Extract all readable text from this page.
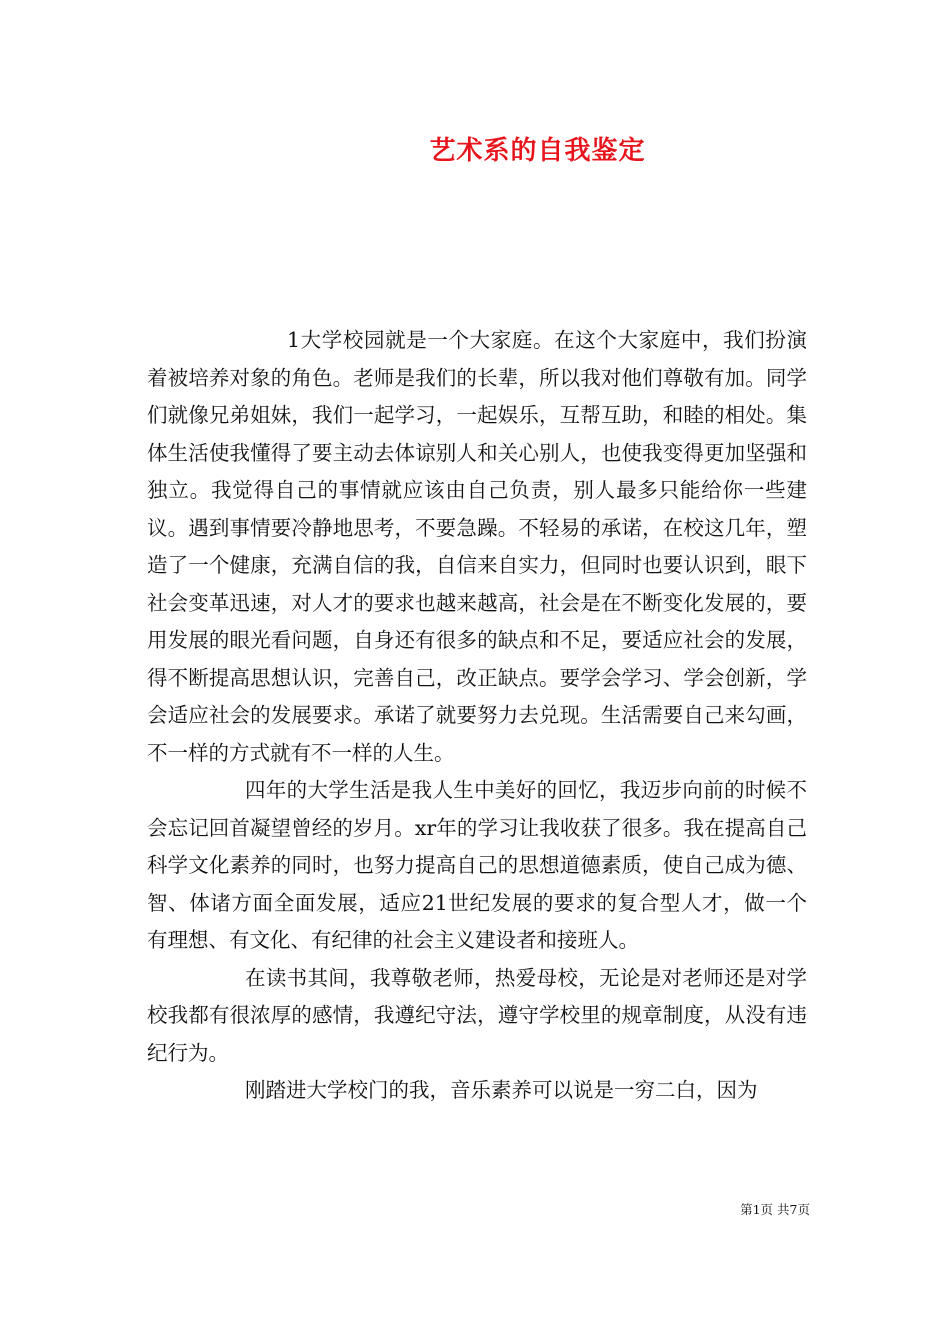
艺术系的自我鉴定

1大学校园就是一个大家庭。在这个大家庭中，我们扮演着被培养对象的角色。老师是我们的长辈，所以我对他们尊敬有加。同学们就像兄弟姐妹，我们一起学习，一起娱乐，互帮互助，和睦的相处。集体生活使我懂得了要主动去体谅别人和关心别人，也使我变得更加坚强和独立。我觉得自己的事情就应该由自己负责，别人最多只能给你一些建议。遇到事情要冷静地思考，不要急躁。不轻易的承诺，在校这几年，塑造了一个健康，充满自信的我，自信来自实力，但同时也要认识到，眼下社会变革迅速，对人才的要求也越来越高，社会是在不断变化发展的，要用发展的眼光看问题，自身还有很多的缺点和不足，要适应社会的发展，得不断提高思想认识，完善自己，改正缺点。要学会学习、学会创新，学会适应社会的发展要求。承诺了就要努力去兑现。生活需要自己来勾画，不一样的方式就有不一样的人生。

四年的大学生活是我人生中美好的回忆，我迈步向前的时候不会忘记回首凝望曾经的岁月。xr年的学习让我收获了很多。我在提高自己科学文化素养的同时，也努力提高自己的思想道德素质，使自己成为德、智、体诸方面全面发展，适应21世纪发展的要求的复合型人才，做一个有理想、有文化、有纪律的社会主义建设者和接班人。

在读书其间，我尊敬老师，热爱母校，无论是对老师还是对学校我都有很浓厚的感情，我遵纪守法，遵守学校里的规章制度，从没有违纪行为。

刚踏进大学校门的我，音乐素养可以说是一穷二白，因为

第1页 共7页
